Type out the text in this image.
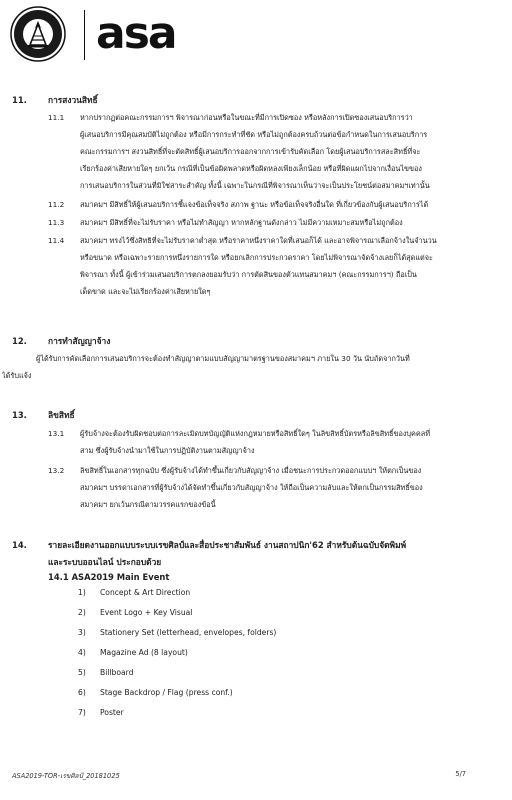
asa
11.	การสงวนสิทธิ์
11.1 หากปรากฏต่อคณะกรรมการฯ พิจารณาก่อนหรือในขณะที่มีการเปิดซอง หรือหลังการเปิดซองเสนอบริการว่า
ผู้เสนอบริการมีคุณสมบัติไม่ถูกต้อง หรือมีการกระทำที่ชัด หรือไม่ถูกต้องครบถ้วนต่อข้อกำหนดในการเสนอบริการ
คณะกรรมการฯ สงวนสิทธิ์ที่จะตัดสิทธิ์ผู้เสนอบริการออกจากการเข้ารับคัดเลือก โดยผู้เสนอบริการสละสิทธิ์ที่จะ
เรียกร้องค่าเสียหายใดๆ ยกเว้น กรณีที่เป็นข้อผิดพลาดหรือผิดหลงเพียงเล็กน้อย หรือที่ผิดแผกไปจากเงื่อนไขของ
การเสนอบริการในส่วนที่มิใช่สาระสำคัญ ทั้งนี้ เฉพาะในกรณีที่พิจารณาเห็นว่าจะเป็นประโยชน์ต่อสมาคมฯเท่านั้น
11.2 สมาคมฯ มีสิทธิ์ให้ผู้เสนอบริการชี้แจงข้อเท็จจริง สภาพ ฐานะ หรือข้อเท็จจริงอื่นใด ที่เกี่ยวข้องกับผู้เสนอบริการได้
11.3 สมาคมฯ มีสิทธิ์ที่จะไม่รับราคา หรือไม่ทำสัญญา หากหลักฐานดังกล่าว ไม่มีความเหมาะสมหรือไม่ถูกต้อง
11.4 สมาคมฯ ทรงไว้ซึ่งสิทธิที่จะไม่รับราคาต่ำสุด หรือราคาหนึ่งราคาใดที่เสนอก็ได้ และอาจพิจารณาเลือกจ้างในจำนวน
หรือขนาด หรือเฉพาะรายการหนึ่งรายการใด หรือยกเลิกการประกวดราคา โดยไม่พิจารณาจัดจ้างเลยก็ได้สุดแต่จะ
พิจารณา ทั้งนี้ ผู้เข้าร่วมเสนอบริการตกลงยอมรับว่า การตัดสินของตัวแทนสมาคมฯ (คณะกรรมการฯ) ถือเป็น
เด็ดขาด และจะไม่เรียกร้องค่าเสียหายใดๆ
12.	การทำสัญญาจ้าง
ผู้ได้รับการคัดเลือกการเสนอบริการจะต้องทำสัญญาตามแบบสัญญามาตรฐานของสมาคมฯ ภายใน 30 วัน นับถัดจากวันที่
ได้รับแจ้ง
13.	ลิขสิทธิ์
13.1 ผู้รับจ้างจะต้องรับผิดชอบต่อการละเมิดบทบัญญัติแห่งกฎหมายหรือสิทธิ์ใดๆ ในลิขสิทธิ์บัตรหรือลิขสิทธิ์ของบุคคลที่
สาม ซึ่งผู้รับจ้างนำมาใช้ในการปฏิบัติงานตามสัญญาจ้าง
13.2 ลิขสิทธิ์ในเอกสารทุกฉบับ ซึ่งผู้รับจ้างได้ทำขึ้นเกี่ยวกับสัญญาจ้าง เมื่อชนะการประกวดออกแบบฯ ให้ตกเป็นของ
สมาคมฯ บรรดาเอกสารที่ผู้รับจ้างได้จัดทำขึ้นเกี่ยวกับสัญญาจ้าง ให้ถือเป็นความลับและให้ตกเป็นกรรมสิทธิ์ของ
สมาคมฯ ยกเว้นกรณีตามวรรคแรกของข้อนี้
14.	รายละเอียดงานออกแบบระบบเรขศิลป์และสื่อประชาสัมพันธ์ งานสถาปนิก'62 สำหรับต้นฉบับจัดพิมพ์
และระบบออนไลน์ ประกอบด้วย
14.1 ASA2019 Main Event
1) Concept & Art Direction
2) Event Logo + Key Visual
3) Stationery Set (letterhead, envelopes, folders)
4) Magazine Ad (8 layout)
5) Billboard
6) Stage Backdrop / Flag (press conf.)
7) Poster
ASA2019-TOR-เรขศิลป์_20181025	5/7
